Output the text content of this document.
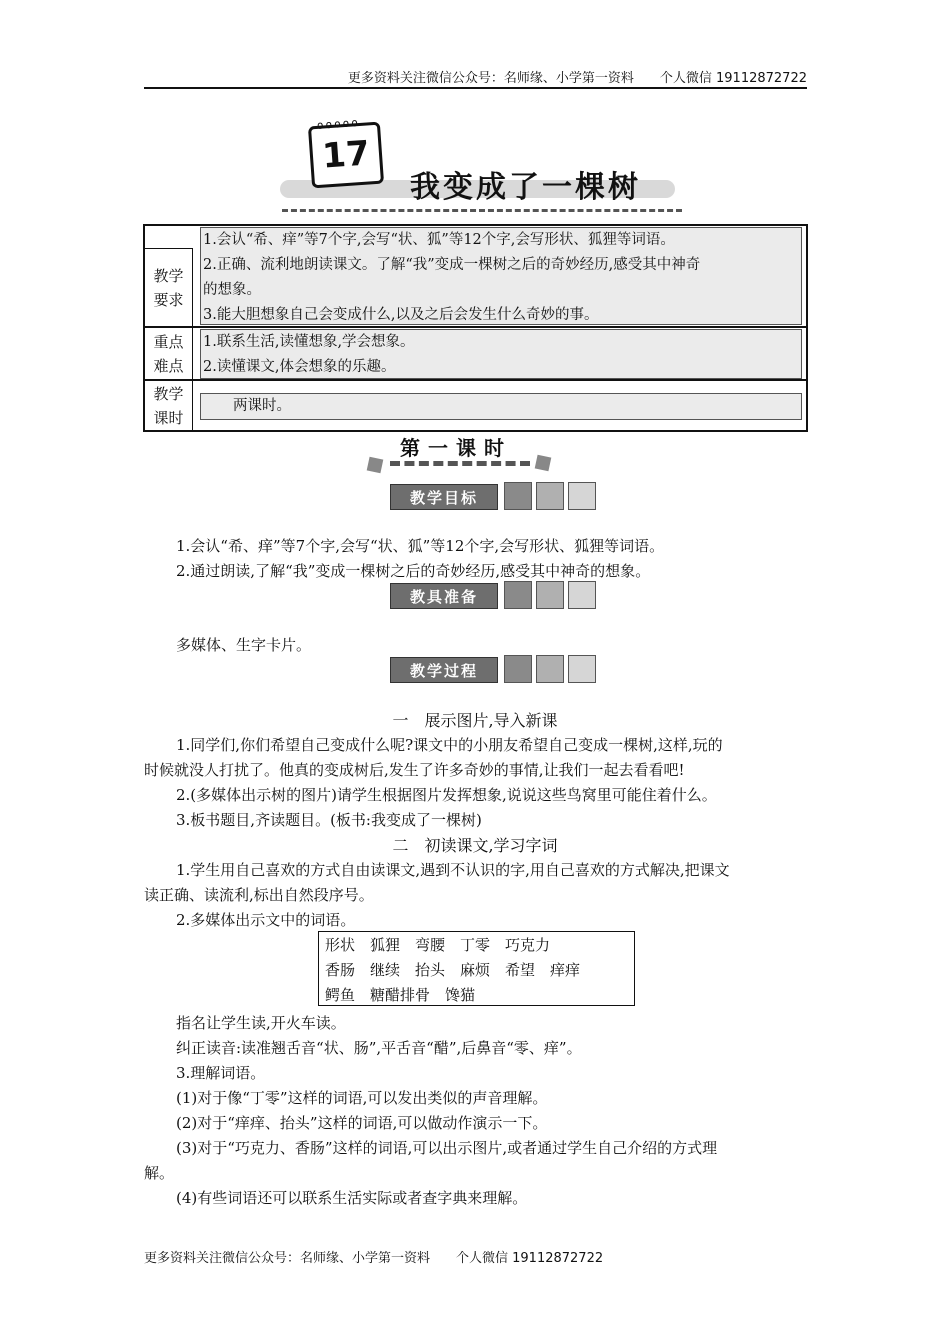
更多资料关注微信公众号：名师缘、小学第一资料　　个人微信 19112872722
ooooo
17
我变成了一棵树
教学要求

1.会认“希、痒”等7个字,会写“状、狐”等12个字,会写形状、狐狸等词语。

2.正确、流利地朗读课文。了解“我”变成一棵树之后的奇妙经历,感受其中神奇

的想象。

3.能大胆想象自己会变成什么,以及之后会发生什么奇妙的事。

重点难点

1.联系生活,读懂想象,学会想象。

2.读懂课文,体会想象的乐趣。

教学课时

两课时。

第一课时
教学目标
1.会认“希、痒”等7个字,会写“状、狐”等12个字,会写形状、狐狸等词语。
2.通过朗读,了解“我”变成一棵树之后的奇妙经历,感受其中神奇的想象。
教具准备
多媒体、生字卡片。
教学过程
一　展示图片,导入新课
1.同学们,你们希望自己变成什么呢?课文中的小朋友希望自己变成一棵树,这样,玩的
时候就没人打扰了。他真的变成树后,发生了许多奇妙的事情,让我们一起去看看吧!
2.(多媒体出示树的图片)请学生根据图片发挥想象,说说这些鸟窝里可能住着什么。
3.板书题目,齐读题目。(板书:我变成了一棵树)
二　初读课文,学习字词
1.学生用自己喜欢的方式自由读课文,遇到不认识的字,用自己喜欢的方式解决,把课文
读正确、读流利,标出自然段序号。
2.多媒体出示文中的词语。

形状　狐狸　弯腰　丁零　巧克力

香肠　继续　抬头　麻烦　希望　痒痒

鳄鱼　糖醋排骨　馋猫

指名让学生读,开火车读。
纠正读音:读准翘舌音“状、肠”,平舌音“醋”,后鼻音“零、痒”。
3.理解词语。
(1)对于像“丁零”这样的词语,可以发出类似的声音理解。
(2)对于“痒痒、抬头”这样的词语,可以做动作演示一下。
(3)对于“巧克力、香肠”这样的词语,可以出示图片,或者通过学生自己介绍的方式理
解。
(4)有些词语还可以联系生活实际或者查字典来理解。
更多资料关注微信公众号：名师缘、小学第一资料　　个人微信 19112872722
